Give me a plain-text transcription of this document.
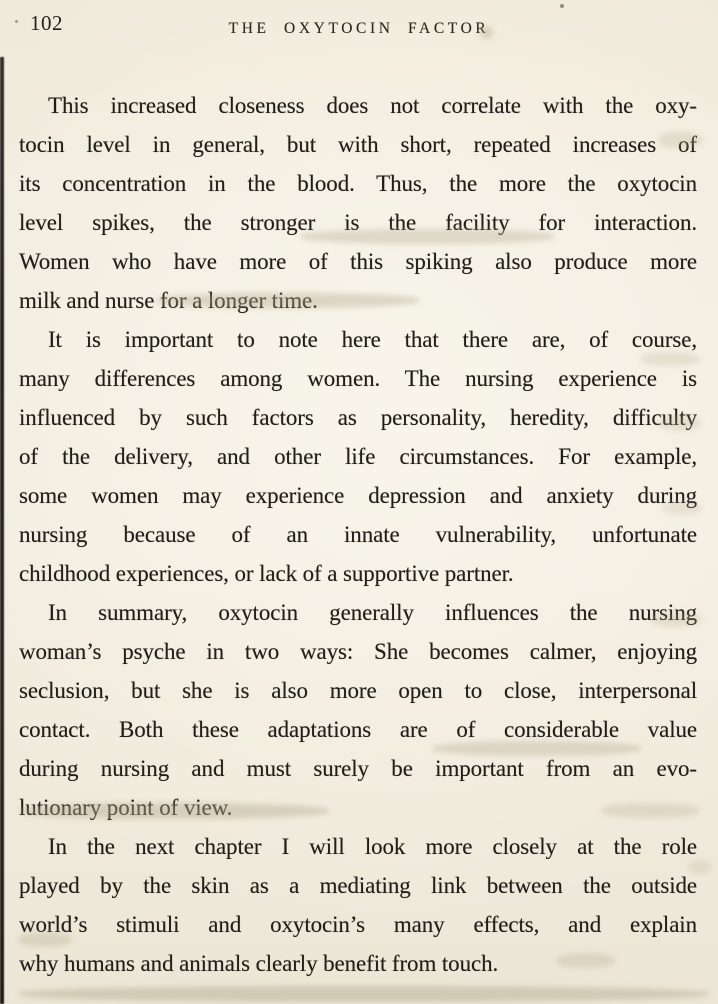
102	THE OXYTOCIN FACTOR
This increased closeness does not correlate with the oxy-
tocin level in general, but with short, repeated increases of
its concentration in the blood. Thus, the more the oxytocin
level spikes, the stronger is the facility for interaction.
Women who have more of this spiking also produce more
milk and nurse for a longer time.
It is important to note here that there are, of course,
many differences among women. The nursing experience is
influenced by such factors as personality, heredity, difficulty
of the delivery, and other life circumstances. For example,
some women may experience depression and anxiety during
nursing because of an innate vulnerability, unfortunate
childhood experiences, or lack of a supportive partner.
In summary, oxytocin generally influences the nursing
woman’s psyche in two ways: She becomes calmer, enjoying
seclusion, but she is also more open to close, interpersonal
contact. Both these adaptations are of considerable value
during nursing and must surely be important from an evo-
lutionary point of view.
In the next chapter I will look more closely at the role
played by the skin as a mediating link between the outside
world’s stimuli and oxytocin’s many effects, and explain
why humans and animals clearly benefit from touch.
